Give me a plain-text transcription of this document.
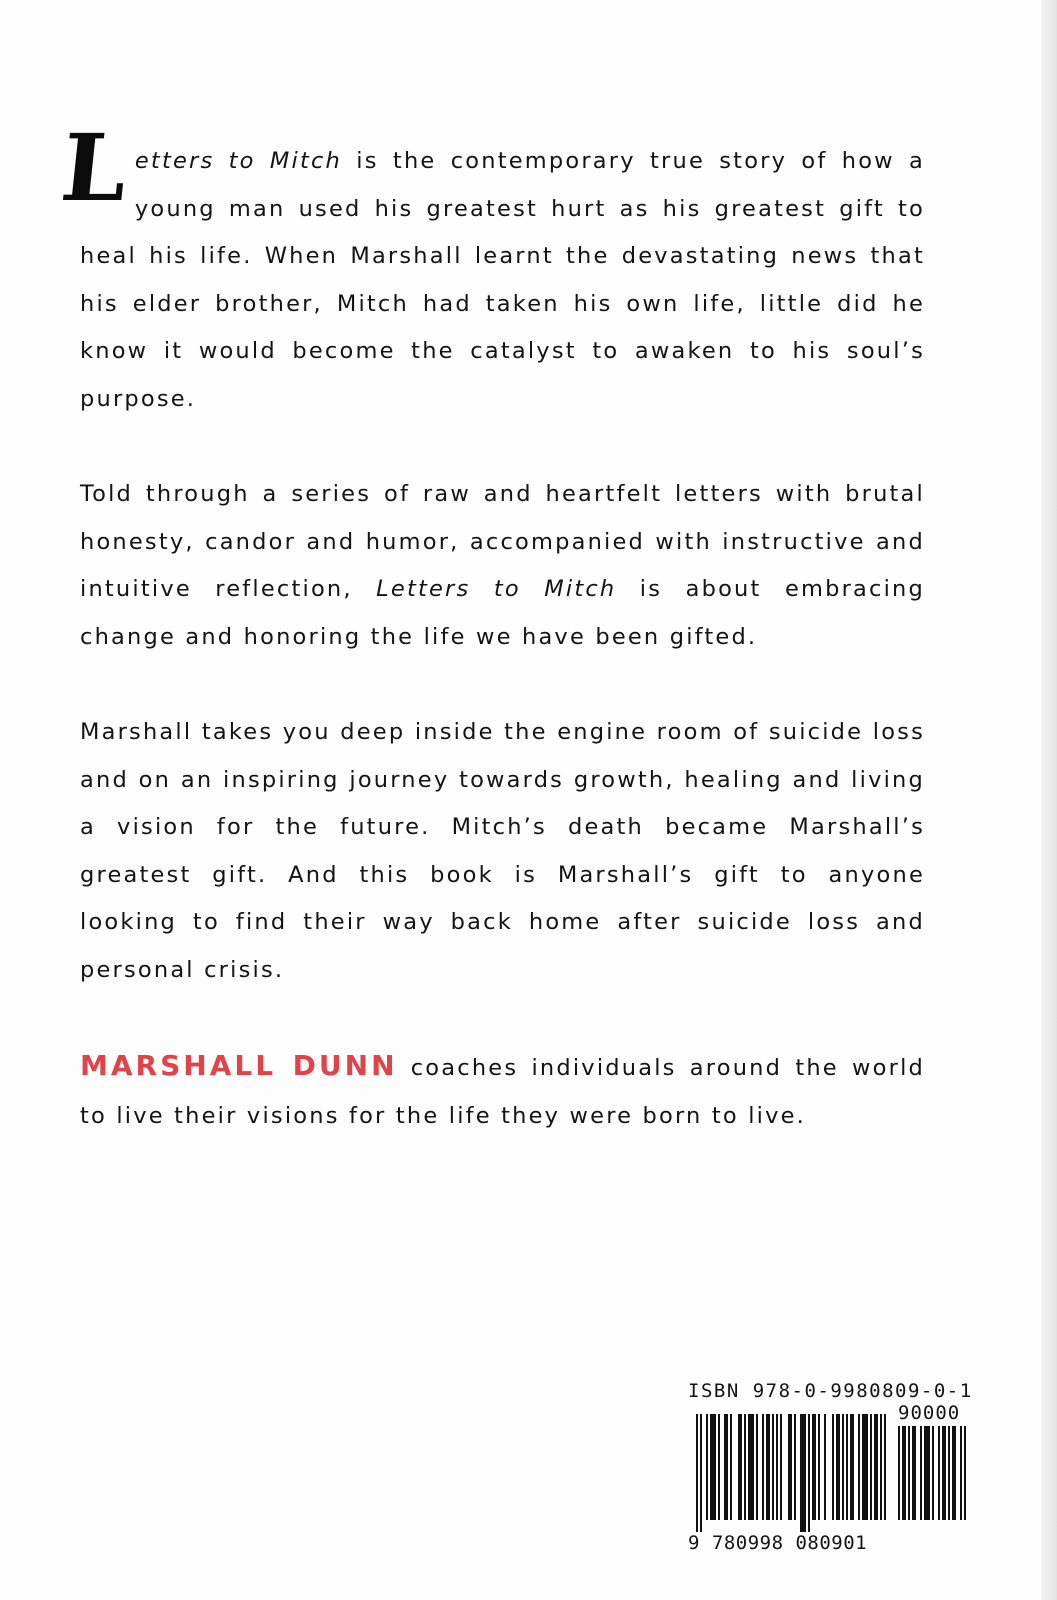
Letters to Mitch is the contemporary true story of how a young man used his greatest hurt as his greatest gift to heal his life. When Marshall learnt the devastating news that his elder brother, Mitch had taken his own life, little did he know it would become the catalyst to awaken to his soul’s purpose.

Told through a series of raw and heartfelt letters with brutal honesty, candor and humor, accompanied with instructive and intuitive reflection, Letters to Mitch is about embracing change and honoring the life we have been gifted.

Marshall takes you deep inside the engine room of suicide loss and on an inspiring journey towards growth, healing and living a vision for the future. Mitch’s death became Marshall’s greatest gift. And this book is Marshall’s gift to anyone looking to find their way back home after suicide loss and personal crisis.

MARSHALL DUNN coaches individuals around the world to live their visions for the life they were born to live.

ISBN 978-0-9980809-0-1
90000
9 780998 080901
